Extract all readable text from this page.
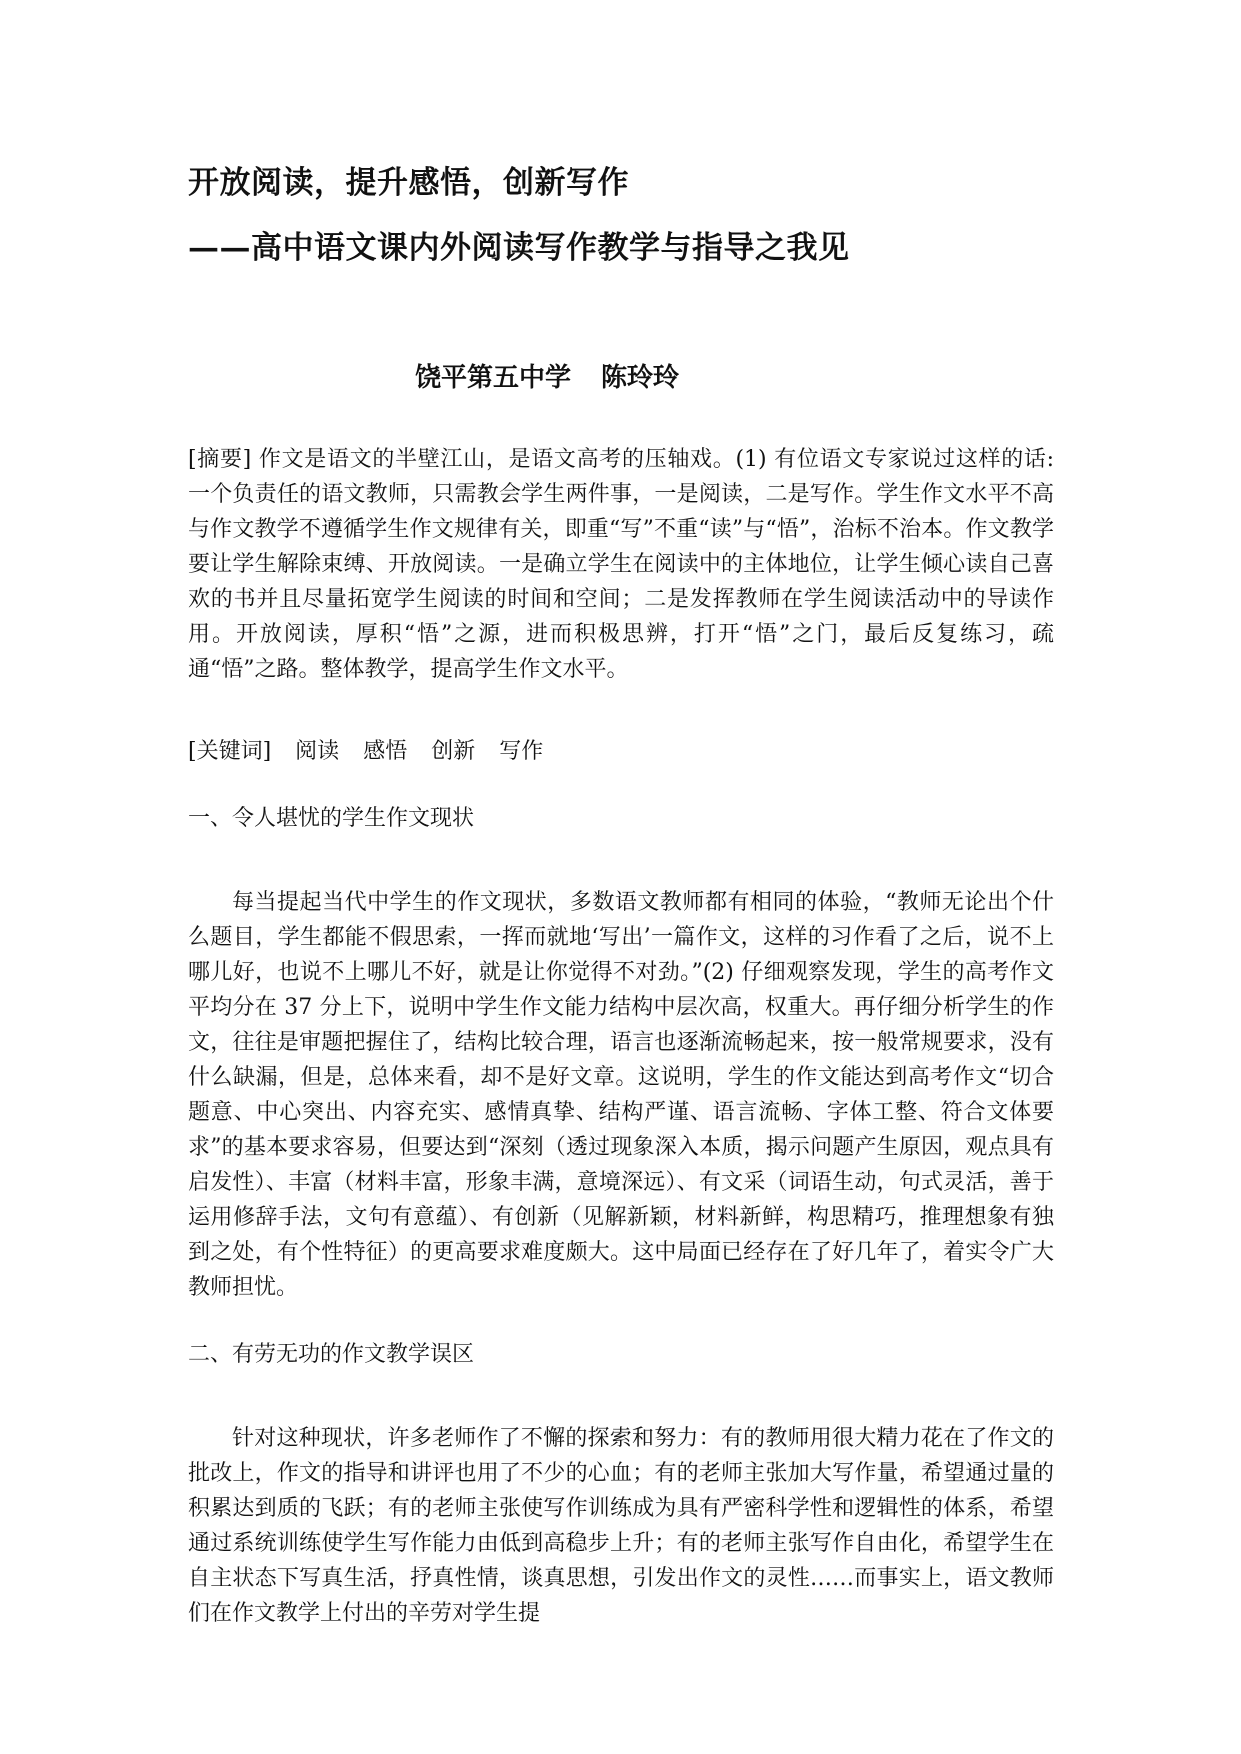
开放阅读，提升感悟，创新写作
——高中语文课内外阅读写作教学与指导之我见
饶平第五中学 陈玲玲
[摘要] 作文是语文的半壁江山，是语文高考的压轴戏。(1) 有位语文专家说过这样的话: 一个负责任的语文教师，只需教会学生两件事，一是阅读，二是写作。学生作文水平不高与作文教学不遵循学生作文规律有关，即重“写”不重“读”与“悟”，治标不治本。作文教学要让学生解除束缚、开放阅读。一是确立学生在阅读中的主体地位，让学生倾心读自己喜欢的书并且尽量拓宽学生阅读的时间和空间；二是发挥教师在学生阅读活动中的导读作用。开放阅读，厚积“悟”之源，进而积极思辨，打开“悟”之门，最后反复练习，疏通“悟”之路。整体教学，提高学生作文水平。
[关键词] 阅读 感悟 创新 写作
一、令人堪忧的学生作文现状
每当提起当代中学生的作文现状，多数语文教师都有相同的体验，“教师无论出个什么题目，学生都能不假思索，一挥而就地‘写出’一篇作文，这样的习作看了之后，说不上哪儿好，也说不上哪儿不好，就是让你觉得不对劲。”(2) 仔细观察发现，学生的高考作文平均分在 37 分上下，说明中学生作文能力结构中层次高，权重大。再仔细分析学生的作文，往往是审题把握住了，结构比较合理，语言也逐渐流畅起来，按一般常规要求，没有什么缺漏，但是，总体来看，却不是好文章。这说明，学生的作文能达到高考作文“切合题意、中心突出、内容充实、感情真挚、结构严谨、语言流畅、字体工整、符合文体要求”的基本要求容易，但要达到“深刻（透过现象深入本质，揭示问题产生原因，观点具有启发性）、丰富（材料丰富，形象丰满，意境深远）、有文采（词语生动，句式灵活，善于运用修辞手法，文句有意蕴）、有创新（见解新颖，材料新鲜，构思精巧，推理想象有独到之处，有个性特征）的更高要求难度颇大。这中局面已经存在了好几年了，着实令广大教师担忧。
二、有劳无功的作文教学误区
针对这种现状，许多老师作了不懈的探索和努力：有的教师用很大精力花在了作文的批改上，作文的指导和讲评也用了不少的心血；有的老师主张加大写作量，希望通过量的积累达到质的飞跃；有的老师主张使写作训练成为具有严密科学性和逻辑性的体系，希望通过系统训练使学生写作能力由低到高稳步上升；有的老师主张写作自由化，希望学生在自主状态下写真生活，抒真性情，谈真思想，引发出作文的灵性……而事实上，语文教师们在作文教学上付出的辛劳对学生提
